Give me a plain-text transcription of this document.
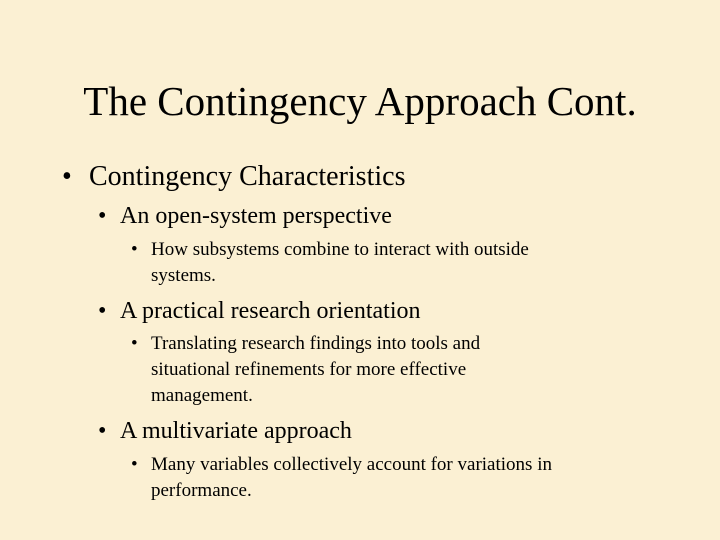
The Contingency Approach Cont.
• Contingency Characteristics
• An open-system perspective
• How subsystems combine to interact with outside
systems.
• A practical research orientation
• Translating research findings into tools and
situational refinements for more effective
management.
• A multivariate approach
• Many variables collectively account for variations in
performance.
